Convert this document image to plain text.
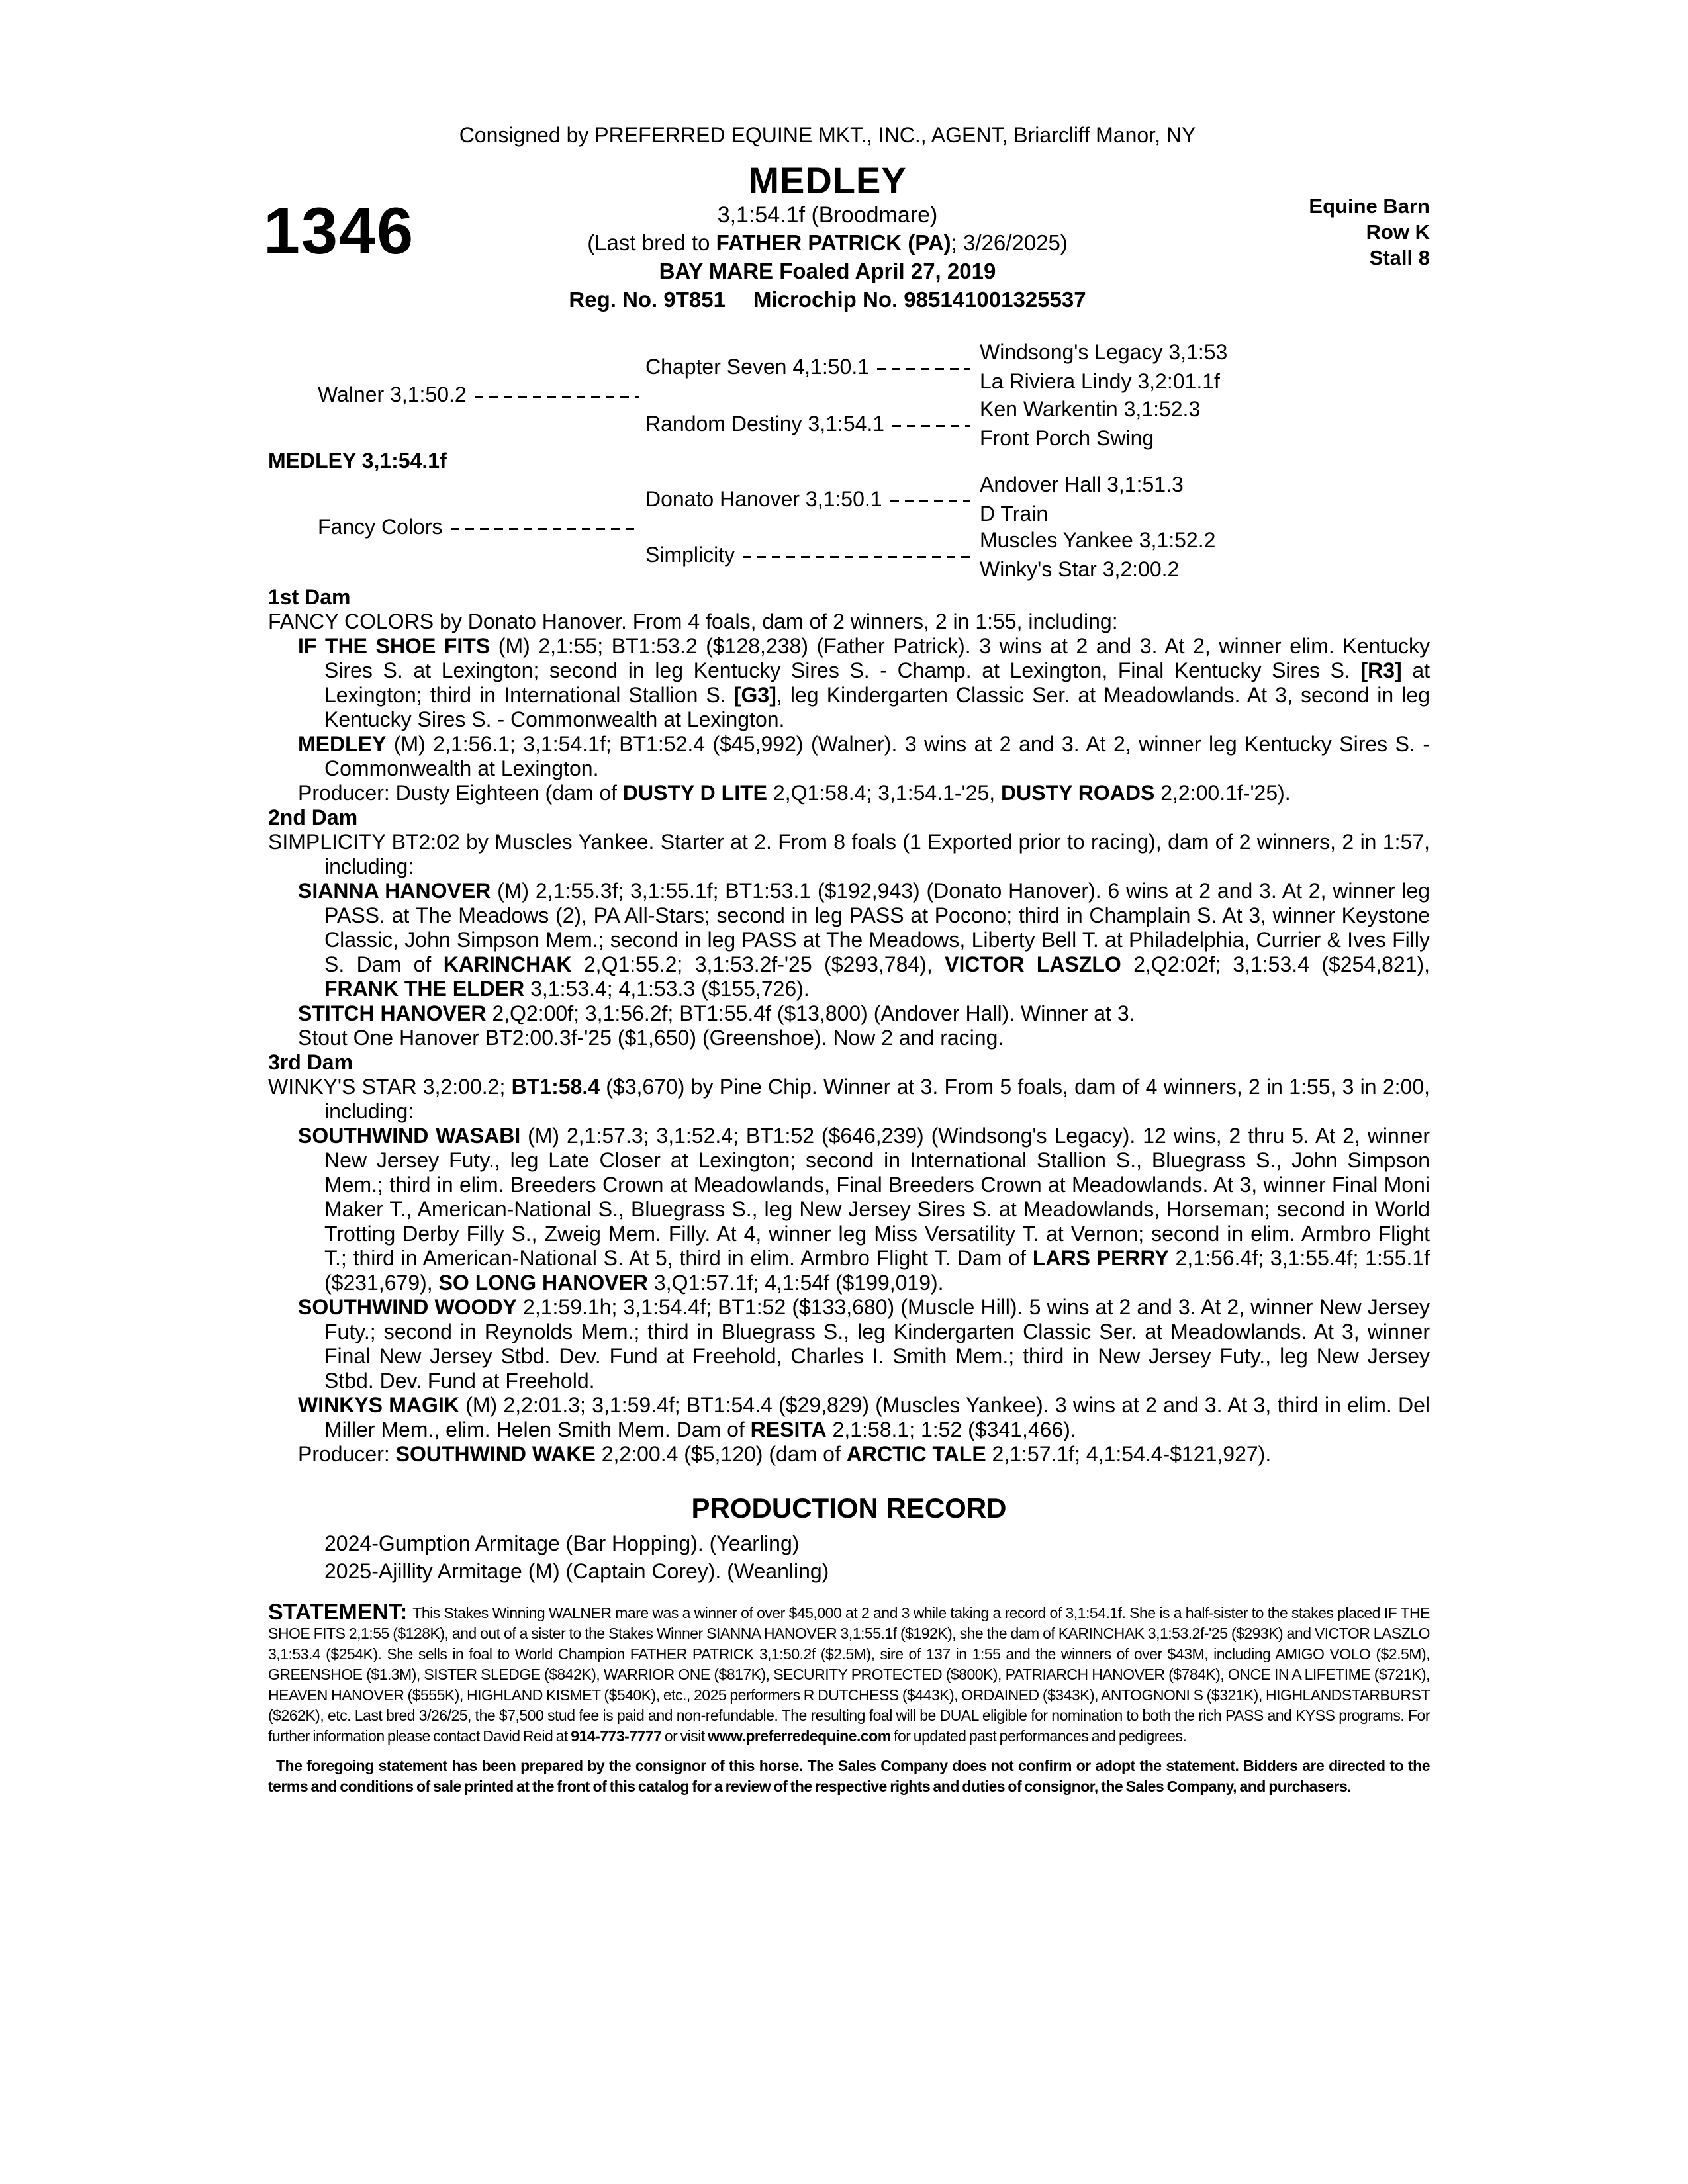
Consigned by PREFERRED EQUINE MKT., INC., AGENT, Briarcliff Manor, NY
MEDLEY
1346	3,1:54.1f (Broodmare)
(Last bred to FATHER PATRICK (PA); 3/26/2025)
BAY MARE Foaled April 27, 2019
Reg. No. 9T851 Microchip No. 985141001325537
Equine Barn
Row K
Stall 8
Windsong's Legacy 3,1:53
Chapter Seven 4,1:50.1
La Riviera Lindy 3,2:01.1f
Walner 3,1:50.2
Ken Warkentin 3,1:52.3
Random Destiny 3,1:54.1
Front Porch Swing
MEDLEY 3,1:54.1f
Andover Hall 3,1:51.3
Donato Hanover 3,1:50.1
D Train
Fancy Colors
Muscles Yankee 3,1:52.2
Simplicity
Winky's Star 3,2:00.2
1st Dam
FANCY COLORS by Donato Hanover. From 4 foals, dam of 2 winners, 2 in 1:55, including:
IF THE SHOE FITS (M) 2,1:55; BT1:53.2 ($128,238) (Father Patrick). 3 wins at 2 and 3. At 2, winner elim. Kentucky Sires S. at Lexington; second in leg Kentucky Sires S. - Champ. at Lexington, Final Kentucky Sires S. [R3] at Lexington; third in International Stallion S. [G3], leg Kindergarten Classic Ser. at Meadowlands. At 3, second in leg Kentucky Sires S. - Commonwealth at Lexington.
MEDLEY (M) 2,1:56.1; 3,1:54.1f; BT1:52.4 ($45,992) (Walner). 3 wins at 2 and 3. At 2, winner leg Kentucky Sires S. - Commonwealth at Lexington.
Producer: Dusty Eighteen (dam of DUSTY D LITE 2,Q1:58.4; 3,1:54.1-'25, DUSTY ROADS 2,2:00.1f-'25).
2nd Dam
SIMPLICITY BT2:02 by Muscles Yankee. Starter at 2. From 8 foals (1 Exported prior to racing), dam of 2 winners, 2 in 1:57, including:
SIANNA HANOVER (M) 2,1:55.3f; 3,1:55.1f; BT1:53.1 ($192,943) (Donato Hanover). 6 wins at 2 and 3. At 2, winner leg PASS. at The Meadows (2), PA All-Stars; second in leg PASS at Pocono; third in Champlain S. At 3, winner Keystone Classic, John Simpson Mem.; second in leg PASS at The Meadows, Liberty Bell T. at Philadelphia, Currier & Ives Filly S. Dam of KARINCHAK 2,Q1:55.2; 3,1:53.2f-'25 ($293,784), VICTOR LASZLO 2,Q2:02f; 3,1:53.4 ($254,821), FRANK THE ELDER 3,1:53.4; 4,1:53.3 ($155,726).
STITCH HANOVER 2,Q2:00f; 3,1:56.2f; BT1:55.4f ($13,800) (Andover Hall). Winner at 3.
Stout One Hanover BT2:00.3f-'25 ($1,650) (Greenshoe). Now 2 and racing.
3rd Dam
WINKY'S STAR 3,2:00.2; BT1:58.4 ($3,670) by Pine Chip. Winner at 3. From 5 foals, dam of 4 winners, 2 in 1:55, 3 in 2:00, including:
SOUTHWIND WASABI (M) 2,1:57.3; 3,1:52.4; BT1:52 ($646,239) (Windsong's Legacy). 12 wins, 2 thru 5. At 2, winner New Jersey Futy., leg Late Closer at Lexington; second in International Stallion S., Bluegrass S., John Simpson Mem.; third in elim. Breeders Crown at Meadowlands, Final Breeders Crown at Meadowlands. At 3, winner Final Moni Maker T., American-National S., Bluegrass S., leg New Jersey Sires S. at Meadowlands, Horseman; second in World Trotting Derby Filly S., Zweig Mem. Filly. At 4, winner leg Miss Versatility T. at Vernon; second in elim. Armbro Flight T.; third in American-National S. At 5, third in elim. Armbro Flight T. Dam of LARS PERRY 2,1:56.4f; 3,1:55.4f; 1:55.1f ($231,679), SO LONG HANOVER 3,Q1:57.1f; 4,1:54f ($199,019).
SOUTHWIND WOODY 2,1:59.1h; 3,1:54.4f; BT1:52 ($133,680) (Muscle Hill). 5 wins at 2 and 3. At 2, winner New Jersey Futy.; second in Reynolds Mem.; third in Bluegrass S., leg Kindergarten Classic Ser. at Meadowlands. At 3, winner Final New Jersey Stbd. Dev. Fund at Freehold, Charles I. Smith Mem.; third in New Jersey Futy., leg New Jersey Stbd. Dev. Fund at Freehold.
WINKYS MAGIK (M) 2,2:01.3; 3,1:59.4f; BT1:54.4 ($29,829) (Muscles Yankee). 3 wins at 2 and 3. At 3, third in elim. Del Miller Mem., elim. Helen Smith Mem. Dam of RESITA 2,1:58.1; 1:52 ($341,466).
Producer: SOUTHWIND WAKE 2,2:00.4 ($5,120) (dam of ARCTIC TALE 2,1:57.1f; 4,1:54.4-$121,927).
PRODUCTION RECORD
2024-Gumption Armitage (Bar Hopping). (Yearling)
2025-Ajillity Armitage (M) (Captain Corey). (Weanling)
STATEMENT: This Stakes Winning WALNER mare was a winner of over $45,000 at 2 and 3 while taking a record of 3,1:54.1f. She is a half-sister to the stakes placed IF THE SHOE FITS 2,1:55 ($128K), and out of a sister to the Stakes Winner SIANNA HANOVER 3,1:55.1f ($192K), she the dam of KARINCHAK 3,1:53.2f-'25 ($293K) and VICTOR LASZLO 3,1:53.4 ($254K). She sells in foal to World Champion FATHER PATRICK 3,1:50.2f ($2.5M), sire of 137 in 1:55 and the winners of over $43M, including AMIGO VOLO ($2.5M), GREENSHOE ($1.3M), SISTER SLEDGE ($842K), WARRIOR ONE ($817K), SECURITY PROTECTED ($800K), PATRIARCH HANOVER ($784K), ONCE IN A LIFETIME ($721K), HEAVEN HANOVER ($555K), HIGHLAND KISMET ($540K), etc., 2025 performers R DUTCHESS ($443K), ORDAINED ($343K), ANTOGNONI S ($321K), HIGHLANDSTARBURST ($262K), etc. Last bred 3/26/25, the $7,500 stud fee is paid and non-refundable. The resulting foal will be DUAL eligible for nomination to both the rich PASS and KYSS programs. For further information please contact David Reid at 914-773-7777 or visit www.preferredequine.com for updated past performances and pedigrees.
The foregoing statement has been prepared by the consignor of this horse. The Sales Company does not confirm or adopt the statement. Bidders are directed to the terms and conditions of sale printed at the front of this catalog for a review of the respective rights and duties of consignor, the Sales Company, and purchasers.
